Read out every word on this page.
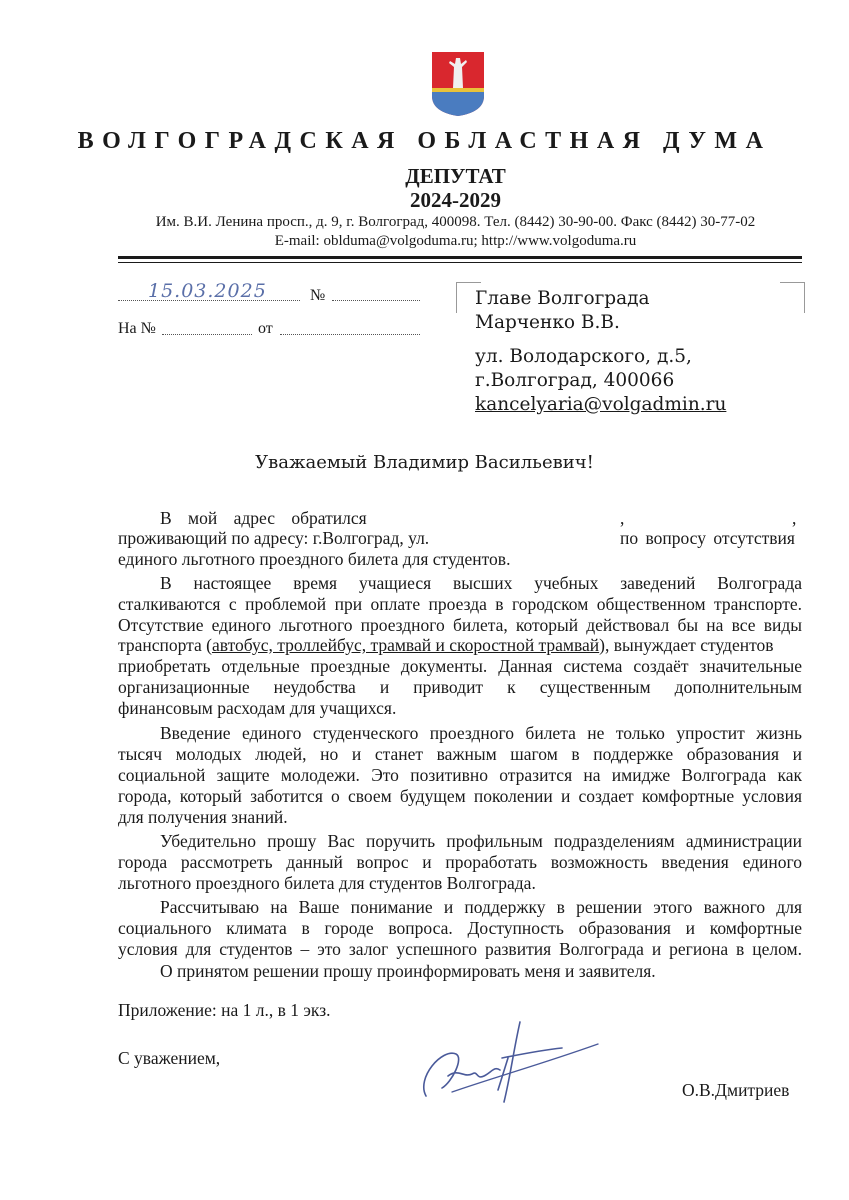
ВОЛГОГРАДСКАЯ ОБЛАСТНАЯ ДУМА
ДЕПУТАТ
2024-2029
Им. В.И. Ленина просп., д. 9, г. Волгоград, 400098. Тел. (8442) 30-90-00. Факс (8442) 30-77-02
E-mail: oblduma@volgoduma.ru; http://www.volgoduma.ru
15.03.2025	№
На №	от
Главе Волгограда
Марченко В.В.
ул. Володарского, д.5,
г.Волгоград, 400066
kancelyaria@volgadmin.ru
Уважаемый Владимир Васильевич!
В мой адрес обратился	,	,
проживающий по адресу: г.Волгоград, ул.	по вопросу отсутствия
единого льготного проездного билета для студентов.
В настоящее время учащиеся высших учебных заведений Волгограда
сталкиваются с проблемой при оплате проезда в городском общественном транспорте.
Отсутствие единого льготного проездного билета, который действовал бы на все виды
транспорта (автобус, троллейбус, трамвай и скоростной трамвай), вынуждает студентов
приобретать отдельные проездные документы. Данная система создаёт значительные
организационные неудобства и приводит к существенным дополнительным
финансовым расходам для учащихся.
Введение единого студенческого проездного билета не только упростит жизнь
тысяч молодых людей, но и станет важным шагом в поддержке образования и
социальной защите молодежи. Это позитивно отразится на имидже Волгограда как
города, который заботится о своем будущем поколении и создает комфортные условия
для получения знаний.
Убедительно прошу Вас поручить профильным подразделениям администрации
города рассмотреть данный вопрос и проработать возможность введения единого
льготного проездного билета для студентов Волгограда.
Рассчитываю на Ваше понимание и поддержку в решении этого важного для
социального климата в городе вопроса. Доступность образования и комфортные
условия для студентов – это залог успешного развития Волгограда и региона в целом.
О принятом решении прошу проинформировать меня и заявителя.
Приложение: на 1 л., в 1 экз.
С уважением,
О.В.Дмитриев
